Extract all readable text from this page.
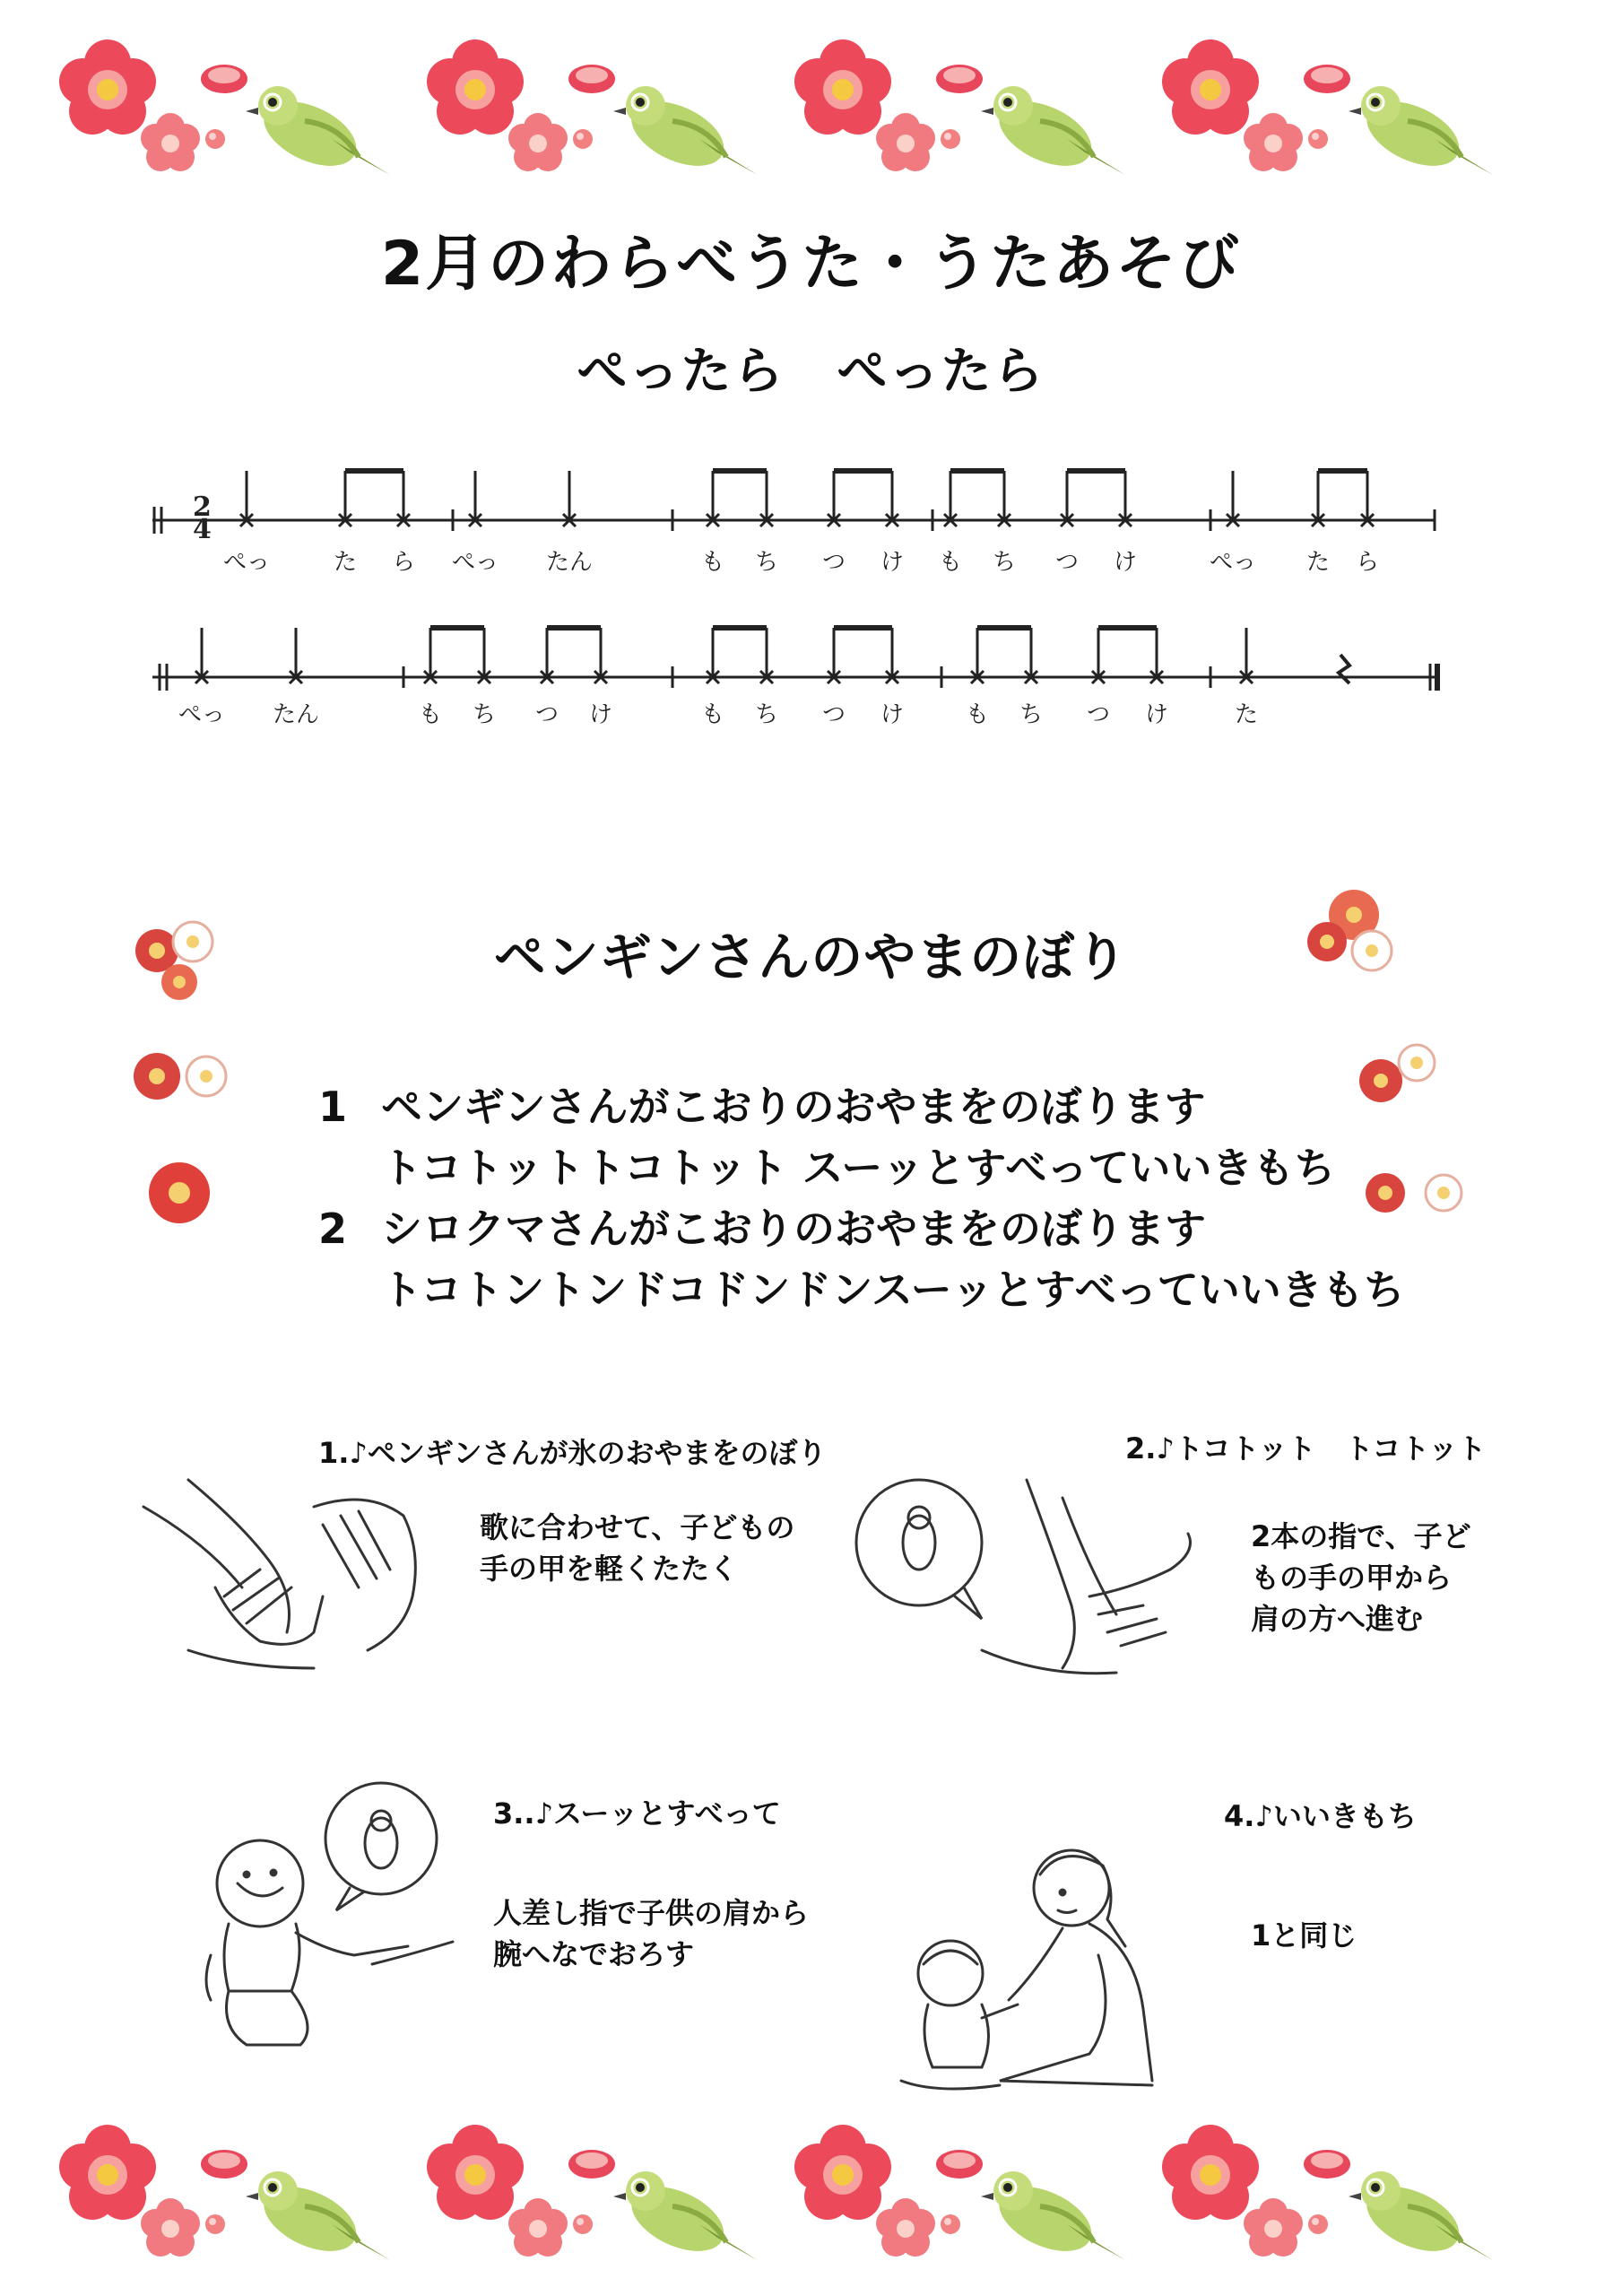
2月のわらべうた・うたあそび
ぺったら　ぺったら
2
4
ぺっ	た ら ぺっ たん	も ち つ け も ち つ け	ぺっ た ら
ぺっ たん	も ち つ け	も ち つ け	も ち つ け	た
ペンギンさんのやまのぼり
1 ペンギンさんがこおりのおやまをのぼります
トコトットトコトット スーッとすべっていいきもち
2 シロクマさんがこおりのおやまをのぼります
トコトントンドコドンドンスーッとすべっていいきもち
1.♪ペンギンさんが氷のおやまをのぼり
歌に合わせて、子どもの
手の甲を軽くたたく
2.♪トコトット　トコトット
2本の指で、子ど
もの手の甲から
肩の方へ進む
3..♪スーッとすべって
人差し指で子供の肩から
腕へなでおろす
4.♪いいきもち
1と同じ
